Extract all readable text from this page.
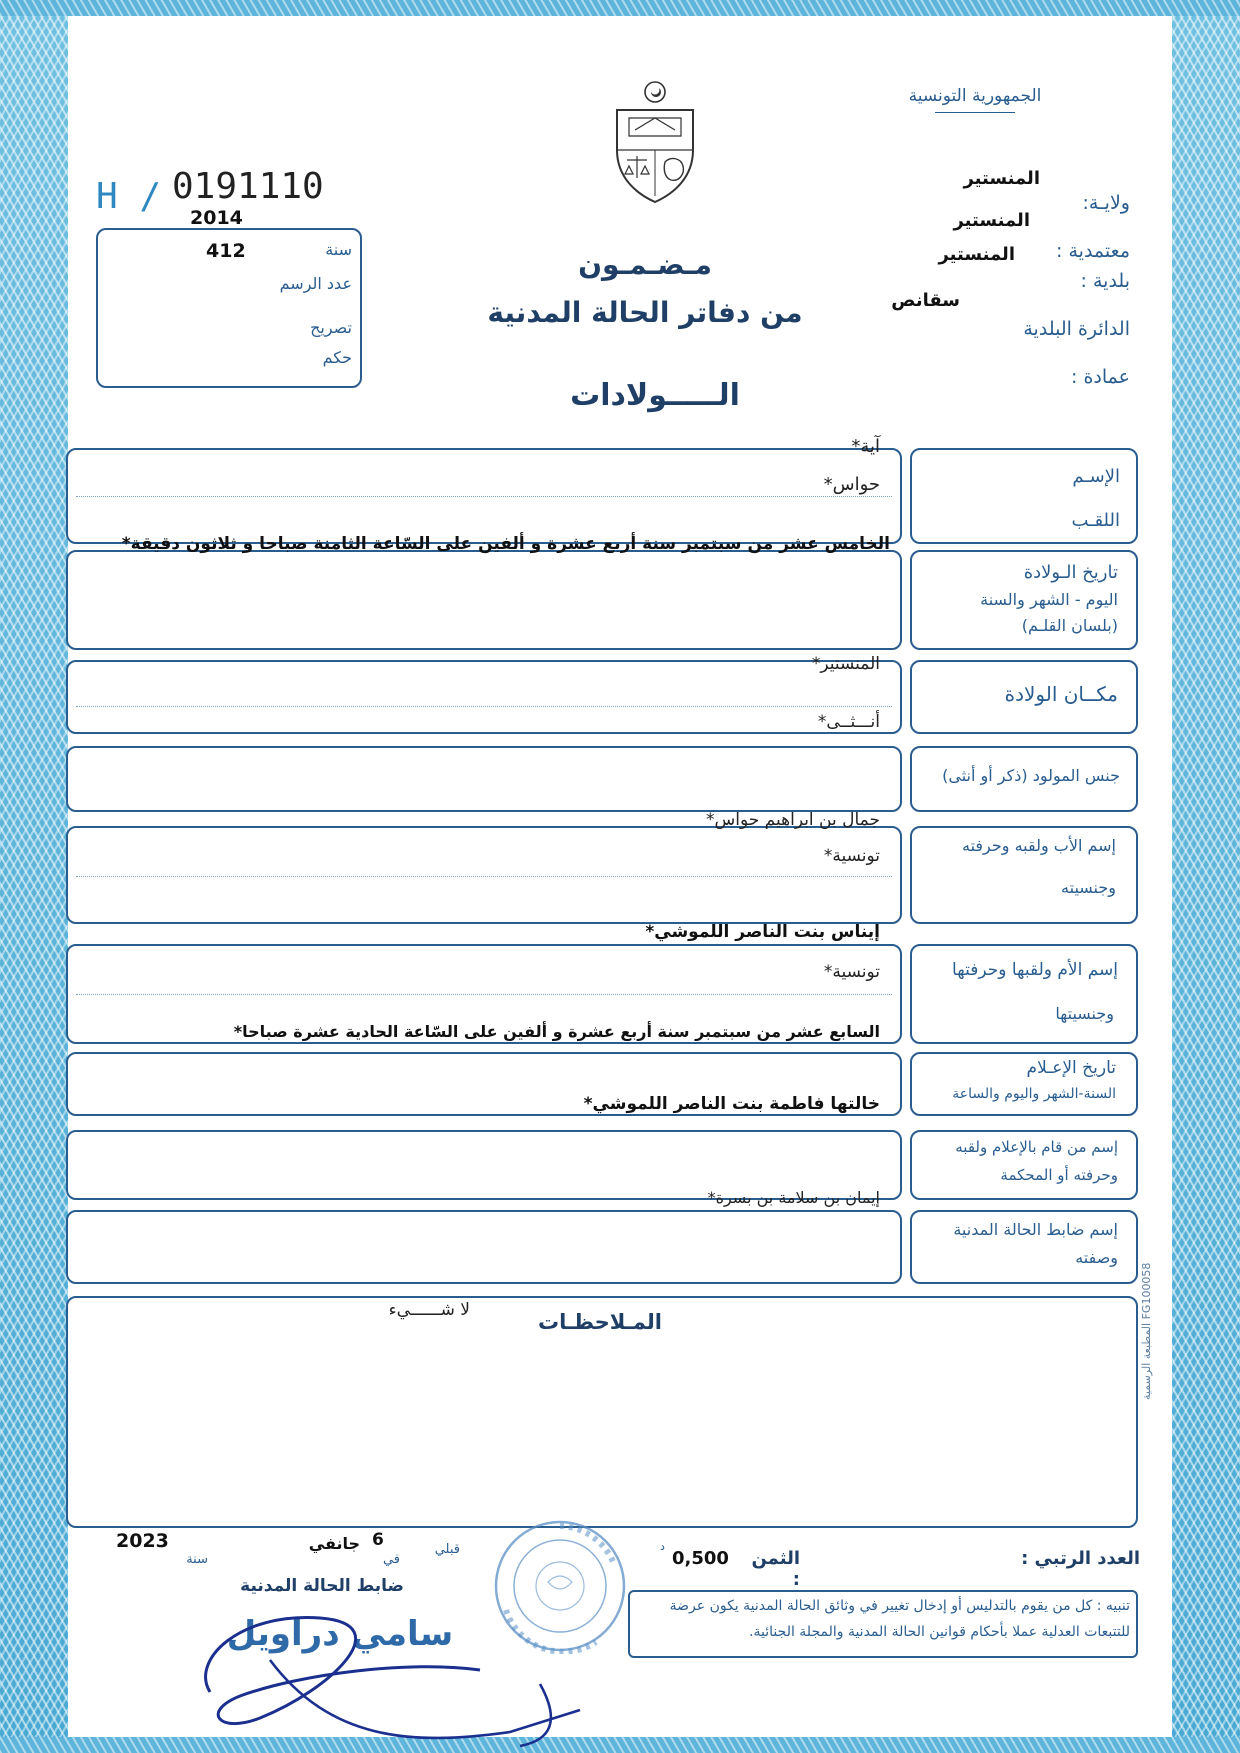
الجمهورية التونسية
ولايـة:
المنستير
المنستير
معتمدية :
المنستير
بلدية :
سقانص
الدائرة البلدية
عمادة :
H / 0191110
2014
412	سنة
عدد الرسم
تصريح
حكم
مـضـمـون
من دفاتر الحالة المدنية
الـــــولادات
الإسـم
اللقـب
آية*
حواس*
تاريخ الـولادة
اليوم - الشهر والسنة
(بلسان القلـم)
الخامس عشر من سبتمبر سنة أربع عشرة و ألفين على السّاعة الثامنة صباحا و ثلاثون دقيقة*
مكــان الولادة
المنستير*
أنـــثــى*
جنس المولود (ذكر أو أنثى)
إسم الأب ولقبه وحرفته
وجنسيته
جمال بن ابراهيم حواس*
تونسية*
إسم الأم ولقبها وحرفتها
وجنسيتها
إيناس بنت الناصر اللموشي*
تونسية*
تاريخ الإعـلام
السنة-الشهر واليوم والساعة
السابع عشر من سبتمبر سنة أربع عشرة و ألفين على السّاعة الحادية عشرة صباحا*
إسم من قام بالإعلام ولقبه
وحرفته أو المحكمة
خالتها فاطمة بنت الناصر اللموشي*
إسم ضابط الحالة المدنية
وصفته
إيمان بن سلامة بن بسرة*
المـلاحظـات
لا شــــــيء
المطبعة الرسمية FG100058
العدد الرتبي :
الثمن :
0,500
د
قبلي
في
6
جانفي
سنة
2023
ضابط الحالة المدنية
سامي دراويل
تنبيه : كل من يقوم بالتدليس أو إدخال تغيير في وثائق الحالة المدنية يكون عرضة
للتتبعات العدلية عملا بأحكام قوانين الحالة المدنية والمجلة الجنائية.
